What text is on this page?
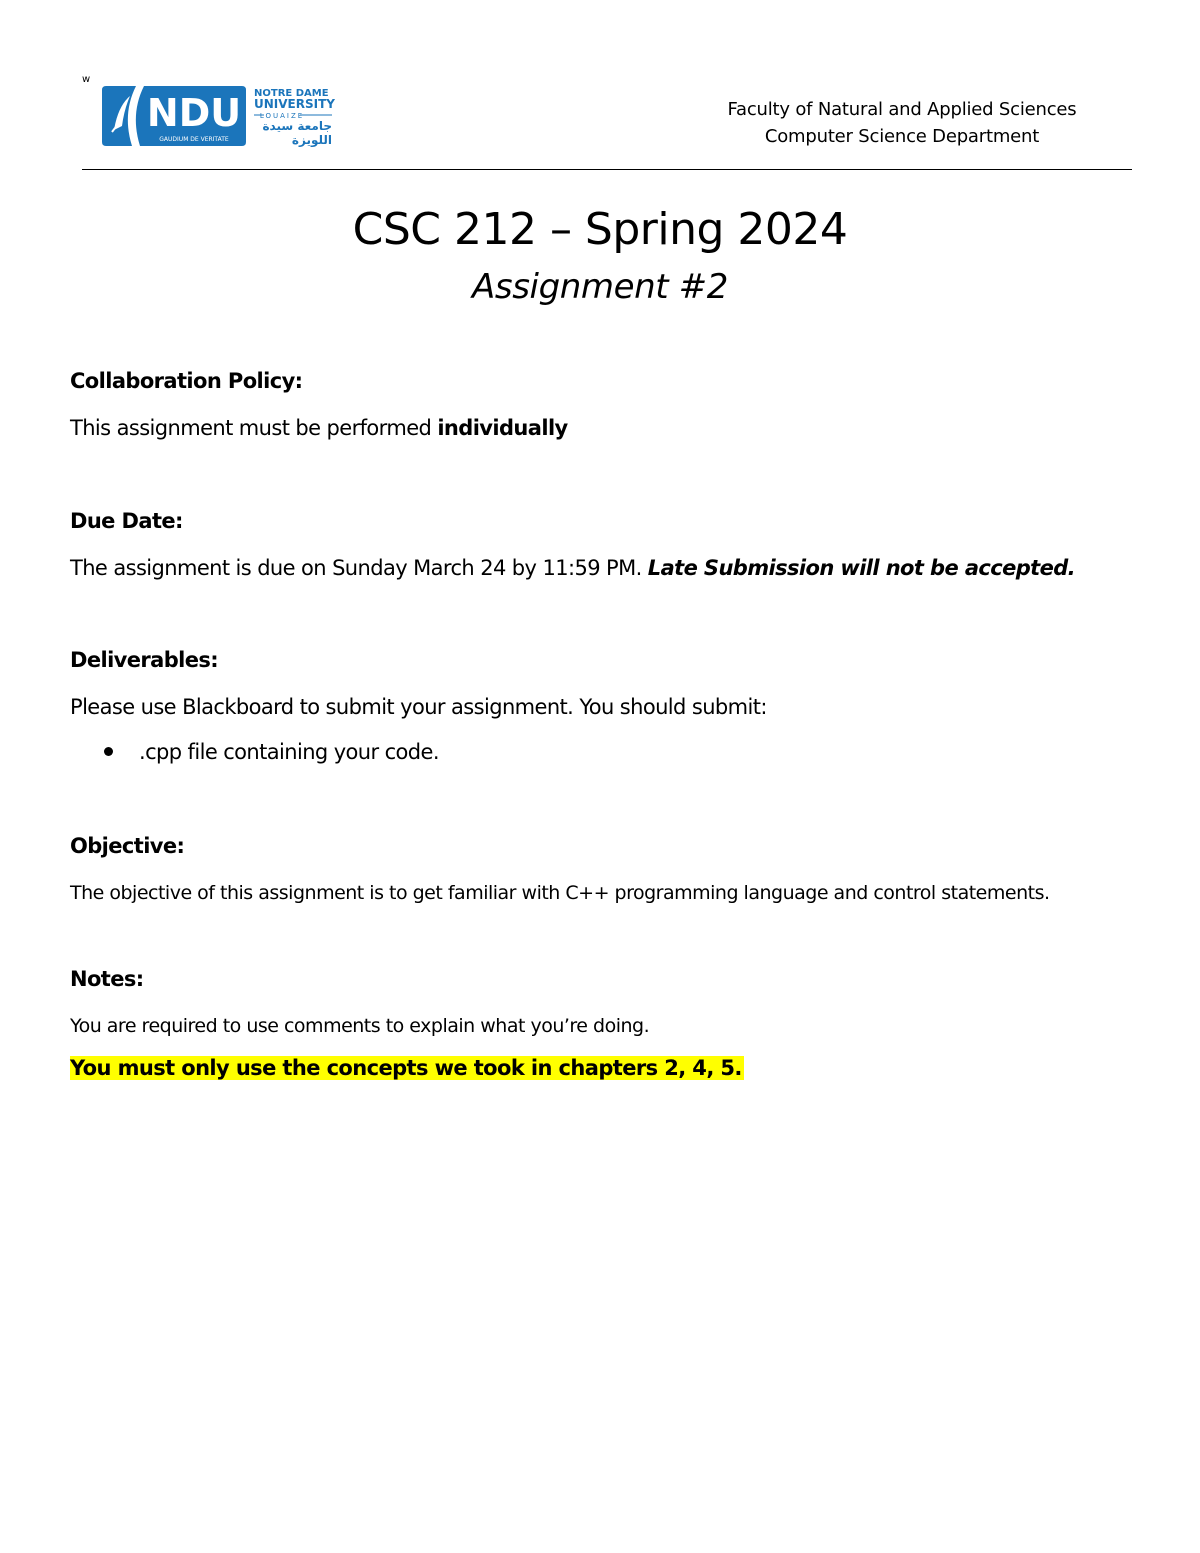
w
NDU
GAUDIUM DE VERITATE
NOTRE DAME
UNIVERSITY
LOUAIZE
جامعة سيدة
اللويزة
Faculty of Natural and Applied Sciences
Computer Science Department
CSC 212 – Spring 2024
Assignment #2
Collaboration Policy:
This assignment must be performed individually
Due Date:
The assignment is due on Sunday March 24 by 11:59 PM. Late Submission will not be accepted.
Deliverables:
Please use Blackboard to submit your assignment. You should submit:
.cpp file containing your code.
Objective:
The objective of this assignment is to get familiar with C++ programming language and control statements.
Notes:
You are required to use comments to explain what you’re doing.
You must only use the concepts we took in chapters 2, 4, 5.
